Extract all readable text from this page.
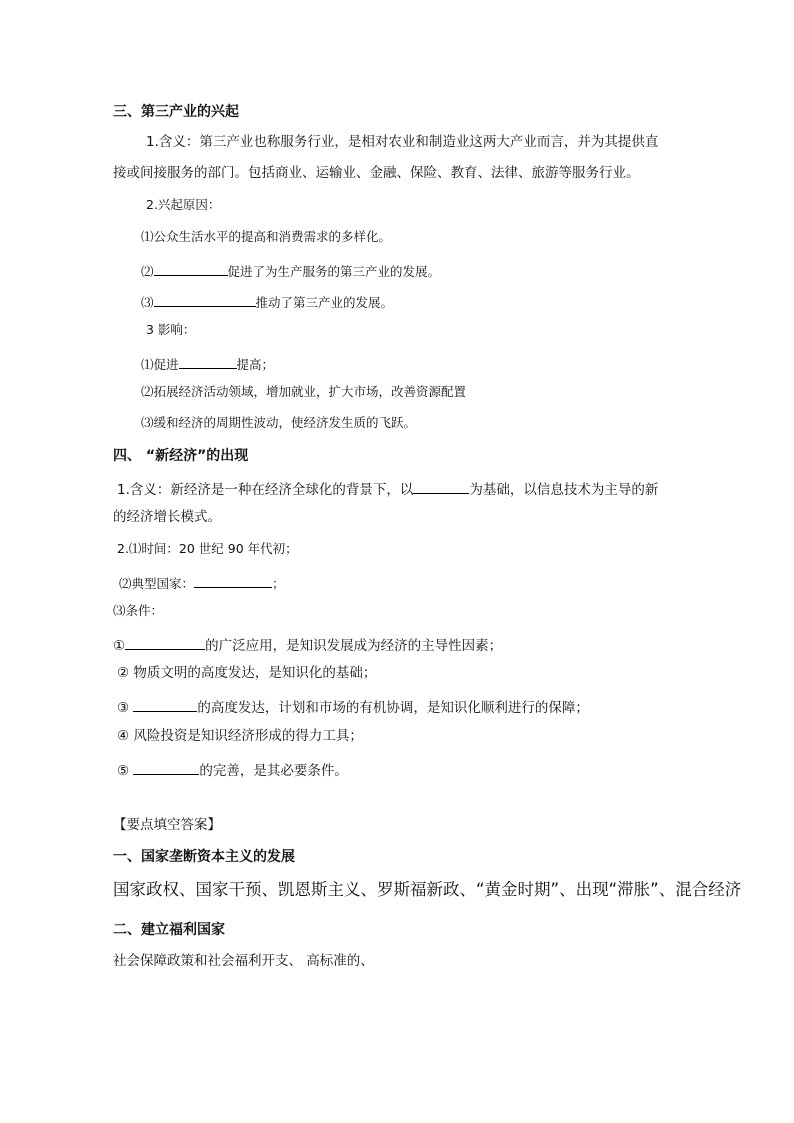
三、第三产业的兴起
1.含义：第三产业也称服务行业，是相对农业和制造业这两大产业而言，并为其提供直
接或间接服务的部门。包括商业、运输业、金融、保险、教育、法律、旅游等服务行业。
2.兴起原因：
⑴公众生活水平的提高和消费需求的多样化。
⑵	促进了为生产服务的第三产业的发展。
⑶	推动了第三产业的发展。
3 影响：
⑴促进	提高；
⑵拓展经济活动领域，增加就业，扩大市场，改善资源配置
⑶缓和经济的周期性波动，使经济发生质的飞跃。
四、 “新经济”的出现
1.含义：新经济是一种在经济全球化的背景下，以	为基础，以信息技术为主导的新
的经济增长模式。
2.⑴时间：20 世纪 90 年代初；
⑵典型国家：	；
⑶条件：
①	的广泛应用，是知识发展成为经济的主导性因素；
② 物质文明的高度发达，是知识化的基础；
③	的高度发达，计划和市场的有机协调，是知识化顺利进行的保障；
④ 风险投资是知识经济形成的得力工具；
⑤	的完善，是其必要条件。
【要点填空答案】
一、国家垄断资本主义的发展
国家政权、国家干预、凯恩斯主义、罗斯福新政、“黄金时期”、出现“滞胀”、混合经济
二、建立福利国家
社会保障政策和社会福利开支、 高标准的、
